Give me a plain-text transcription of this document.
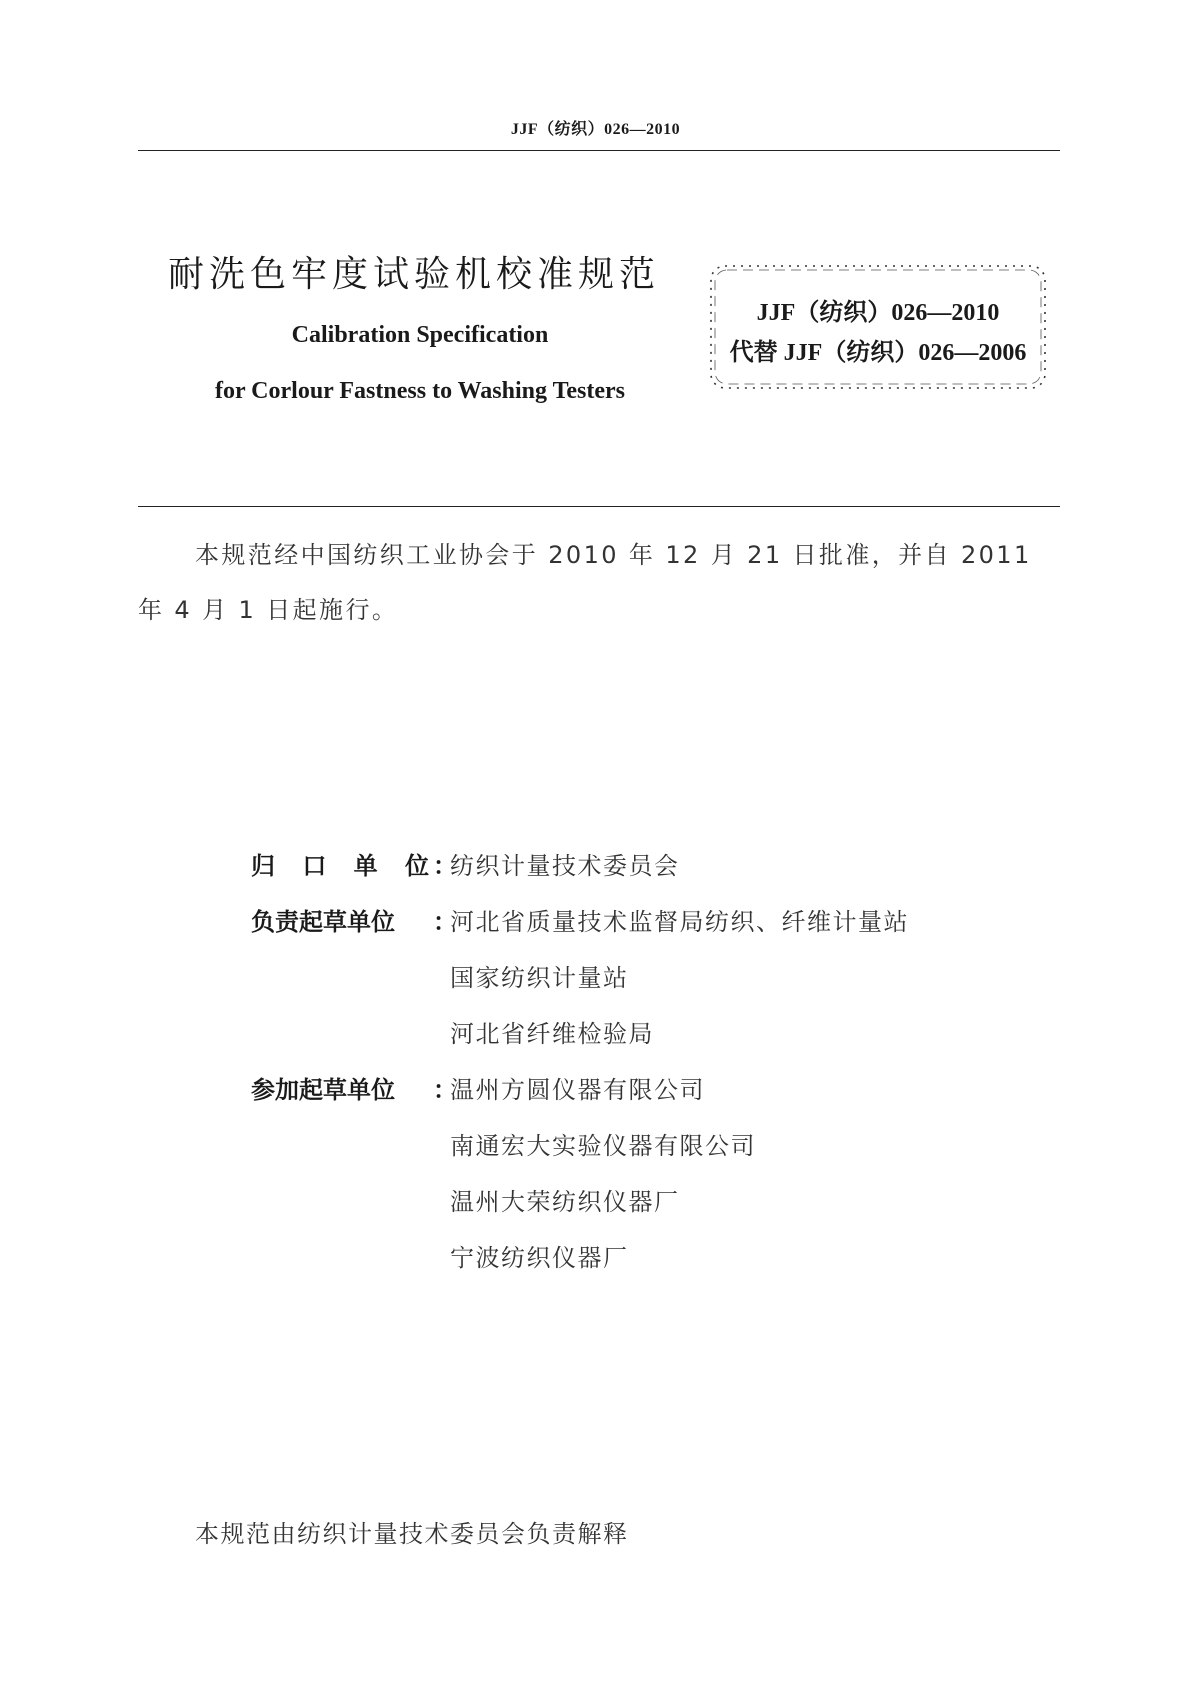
JJF（纺织）026—2010
耐洗色牢度试验机校准规范
Calibration Specification
for Corlour Fastness to Washing Testers
JJF（纺织）026—2010
代替 JJF（纺织）026—2006
本规范经中国纺织工业协会于 2010 年 12 月 21 日批准，并自 2011 年 4 月 1 日起施行。
归 口 单 位 ：
纺织计量技术委员会
负责起草单位 ：
河北省质量技术监督局纺织、纤维计量站
国家纺织计量站
河北省纤维检验局
参加起草单位 ：
温州方圆仪器有限公司
南通宏大实验仪器有限公司
温州大荣纺织仪器厂
宁波纺织仪器厂
本规范由纺织计量技术委员会负责解释
